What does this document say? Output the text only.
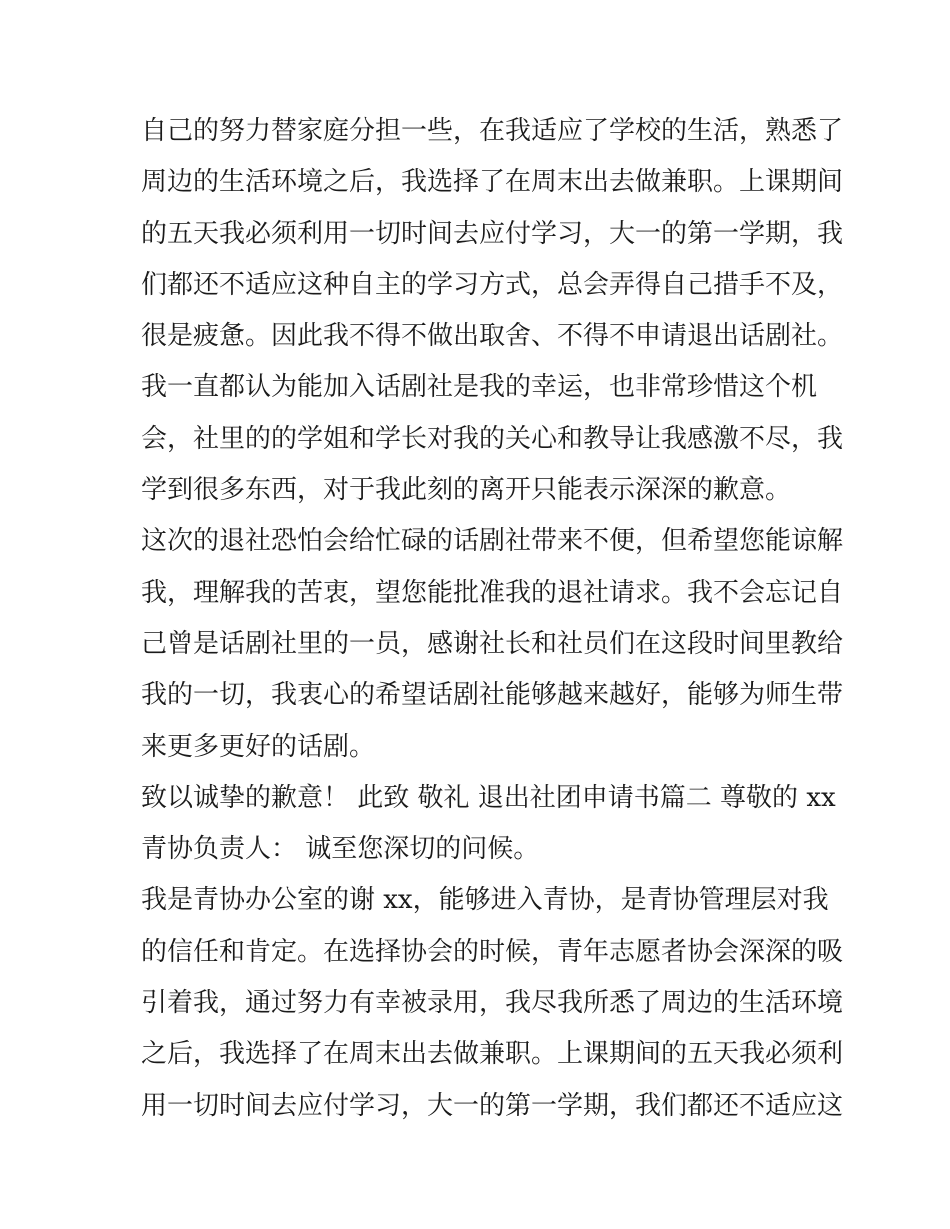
自己的努力替家庭分担一些，在我适应了学校的生活，熟悉了
周边的生活环境之后，我选择了在周末出去做兼职。上课期间
的五天我必须利用一切时间去应付学习，大一的第一学期，我
们都还不适应这种自主的学习方式，总会弄得自己措手不及，
很是疲惫。因此我不得不做出取舍、不得不申请退出话剧社。
我一直都认为能加入话剧社是我的幸运，也非常珍惜这个机
会，社里的的学姐和学长对我的关心和教导让我感激不尽，我
学到很多东西，对于我此刻的离开只能表示深深的歉意。
这次的退社恐怕会给忙碌的话剧社带来不便，但希望您能谅解
我，理解我的苦衷，望您能批准我的退社请求。我不会忘记自
己曾是话剧社里的一员，感谢社长和社员们在这段时间里教给
我的一切，我衷心的希望话剧社能够越来越好，能够为师生带
来更多更好的话剧。
致以诚挚的歉意！ 此致 敬礼 退出社团申请书篇二 尊敬的 xx
青协负责人： 诚至您深切的问候。
我是青协办公室的谢 xx，能够进入青协，是青协管理层对我
的信任和肯定。在选择协会的时候，青年志愿者协会深深的吸
引着我，通过努力有幸被录用，我尽我所悉了周边的生活环境
之后，我选择了在周末出去做兼职。上课期间的五天我必须利
用一切时间去应付学习，大一的第一学期，我们都还不适应这
